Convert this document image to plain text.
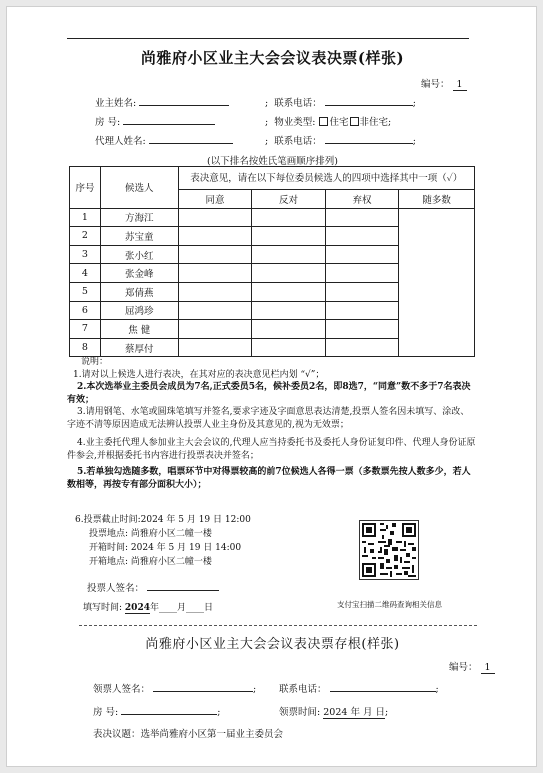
尚雅府小区业主大会会议表决票(样张)
编号： 1
业主姓名:	;  联系电话：	;
房 号:	;  物业类型: 住宅 非住宅;
代理人姓名:	;  联系电话：	;
(以下排名按姓氏笔画顺序排列)
序号	候选人	表决意见，请在以下每位委员候选人的四项中选择其中一项（✓）			
		同意	反对	弃权	随多数
1	方海江				
2	苏宝童				
3	张小红				
4	张金峰				
5	郑倩燕				
6	屈鸿珍				
7	焦 健				
8	蔡厚付				

说明：

1.请对以上候选人进行表决，在其对应的表决意见栏内划 “√”；

2.本次选举业主委员会成员为7名,正式委员5名，候补委员2名，即8选7，“同意”数不多于7名表决有效；

3.请用钢笔、水笔或圆珠笔填写并签名,要求字迹及字面意思表达清楚,投票人签名因未填写、涂改、字迹不清等原因造成无法辨认投票人业主身份及其意见的,视为无效票；

4.业主委托代理人参加业主大会会议的,代理人应当持委托书及委托人身份证复印件、代理人身份证原件参会,并根据委托书内容进行投票表决并签名；

5.若单独勾选随多数，唱票环节中对得票较高的前7位候选人各得一票（多数票先按人数多少，若人数相等，再按专有部分面积大小）；

6.投票截止时间:2024 年 5 月 19 日 12:00
投票地点: 尚雅府小区二幢一楼
开箱时间: 2024 年 5 月 19 日 14:00
开箱地点: 尚雅府小区二幢一楼
投票人签名：
填写时间: 2024年____月____日	支付宝扫描二维码查询相关信息
尚雅府小区业主大会会议表决票存根(样张)
编号： 1
领票人签名：	; 联系电话：	;
房 号:	;	领票时间: 2024 年 月 日;
表决议题：选举尚雅府小区第一届业主委员会
